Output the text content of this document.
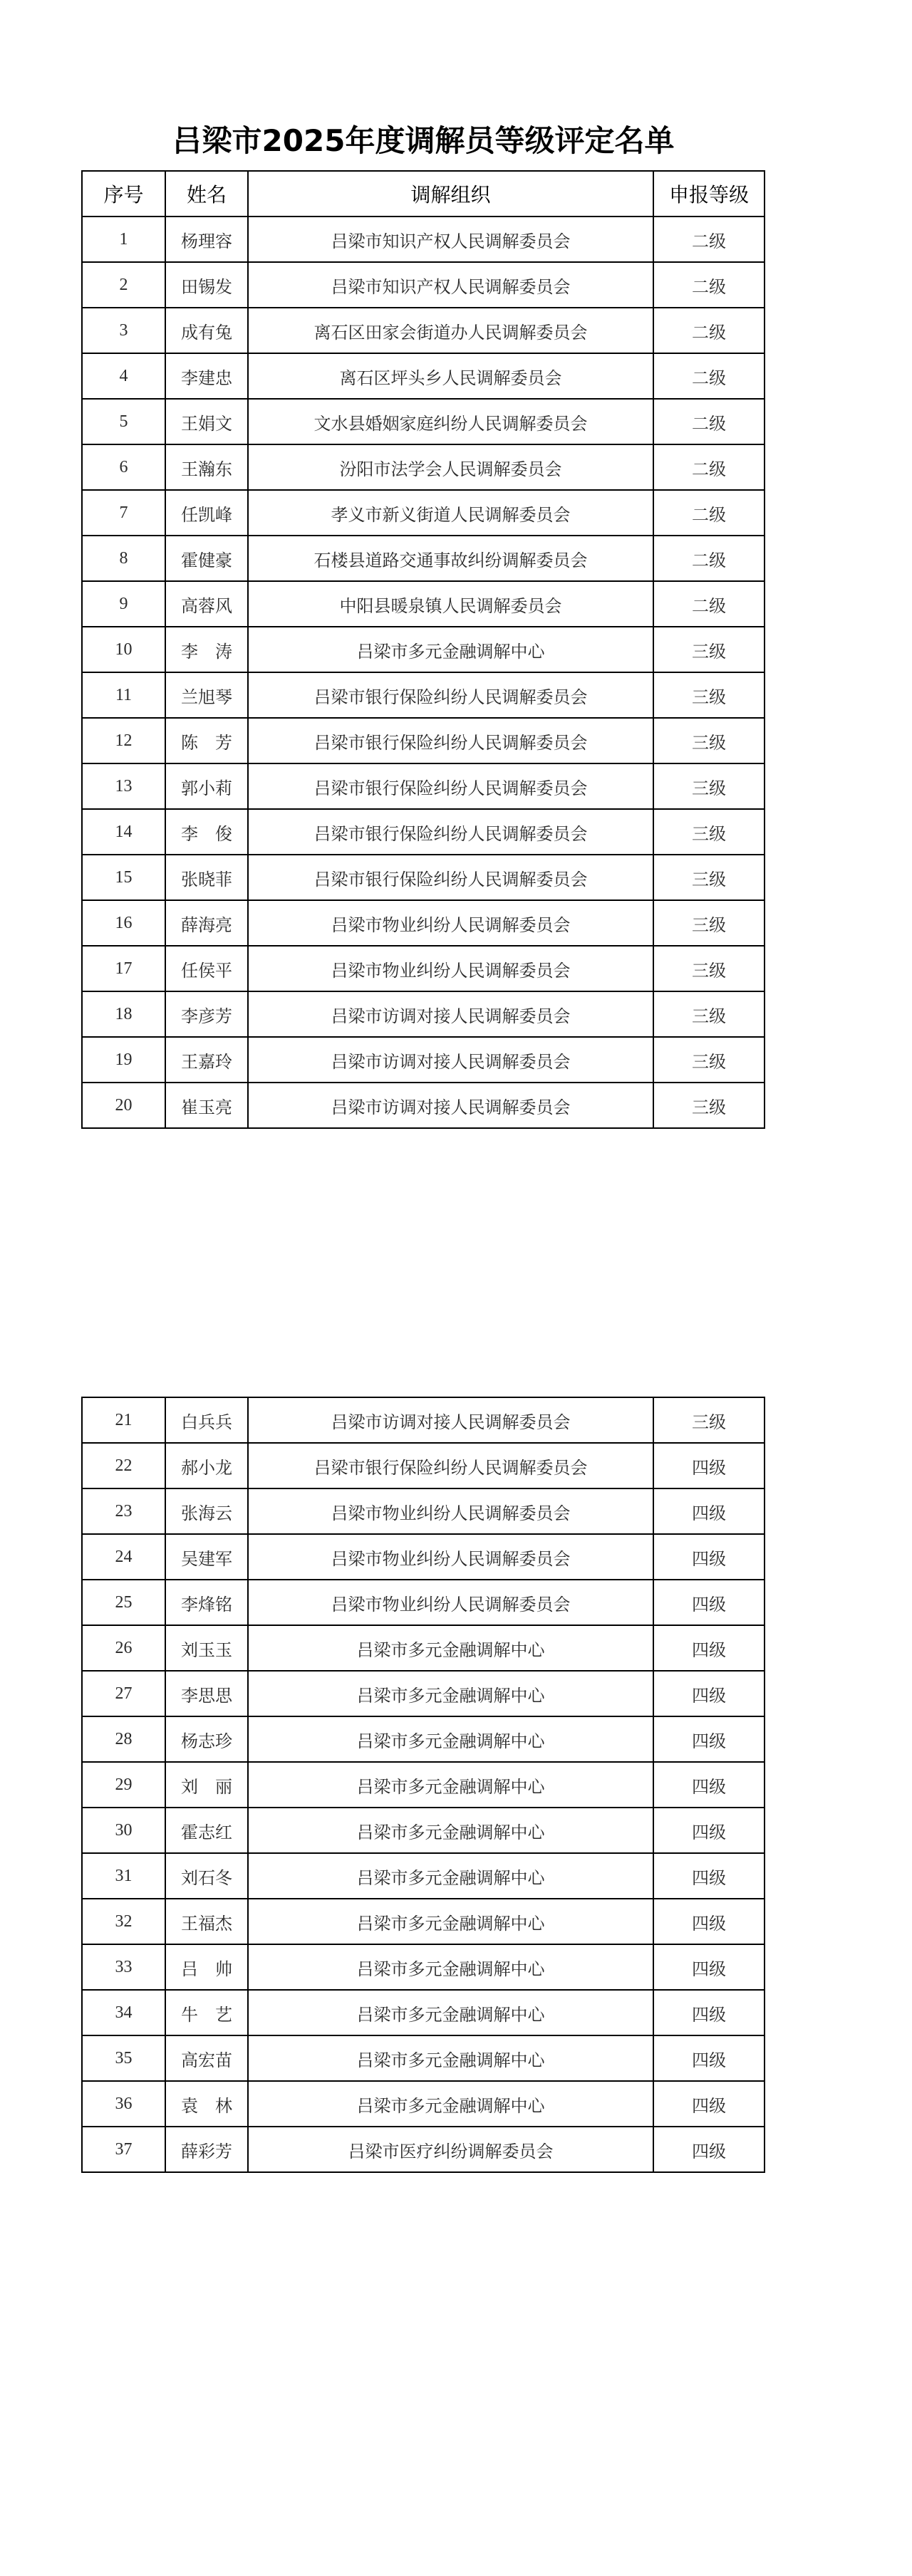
吕梁市2025年度调解员等级评定名单
序号	姓名	调解组织	申报等级
1	杨理容	吕梁市知识产权人民调解委员会	二级
2	田锡发	吕梁市知识产权人民调解委员会	二级
3	成有兔	离石区田家会街道办人民调解委员会	二级
4	李建忠	离石区坪头乡人民调解委员会	二级
5	王娟文	文水县婚姻家庭纠纷人民调解委员会	二级
6	王瀚东	汾阳市法学会人民调解委员会	二级
7	任凯峰	孝义市新义街道人民调解委员会	二级
8	霍健豪	石楼县道路交通事故纠纷调解委员会	二级
9	高蓉风	中阳县暖泉镇人民调解委员会	二级
10	李　涛	吕梁市多元金融调解中心	三级
11	兰旭琴	吕梁市银行保险纠纷人民调解委员会	三级
12	陈　芳	吕梁市银行保险纠纷人民调解委员会	三级
13	郭小莉	吕梁市银行保险纠纷人民调解委员会	三级
14	李　俊	吕梁市银行保险纠纷人民调解委员会	三级
15	张晓菲	吕梁市银行保险纠纷人民调解委员会	三级
16	薛海亮	吕梁市物业纠纷人民调解委员会	三级
17	任侯平	吕梁市物业纠纷人民调解委员会	三级
18	李彦芳	吕梁市访调对接人民调解委员会	三级
19	王嘉玲	吕梁市访调对接人民调解委员会	三级
20	崔玉亮	吕梁市访调对接人民调解委员会	三级
21	白兵兵	吕梁市访调对接人民调解委员会	三级
22	郝小龙	吕梁市银行保险纠纷人民调解委员会	四级
23	张海云	吕梁市物业纠纷人民调解委员会	四级
24	吴建军	吕梁市物业纠纷人民调解委员会	四级
25	李烽铭	吕梁市物业纠纷人民调解委员会	四级
26	刘玉玉	吕梁市多元金融调解中心	四级
27	李思思	吕梁市多元金融调解中心	四级
28	杨志珍	吕梁市多元金融调解中心	四级
29	刘　丽	吕梁市多元金融调解中心	四级
30	霍志红	吕梁市多元金融调解中心	四级
31	刘石冬	吕梁市多元金融调解中心	四级
32	王福杰	吕梁市多元金融调解中心	四级
33	吕　帅	吕梁市多元金融调解中心	四级
34	牛　艺	吕梁市多元金融调解中心	四级
35	高宏苗	吕梁市多元金融调解中心	四级
36	袁　林	吕梁市多元金融调解中心	四级
37	薛彩芳	吕梁市医疗纠纷调解委员会	四级
